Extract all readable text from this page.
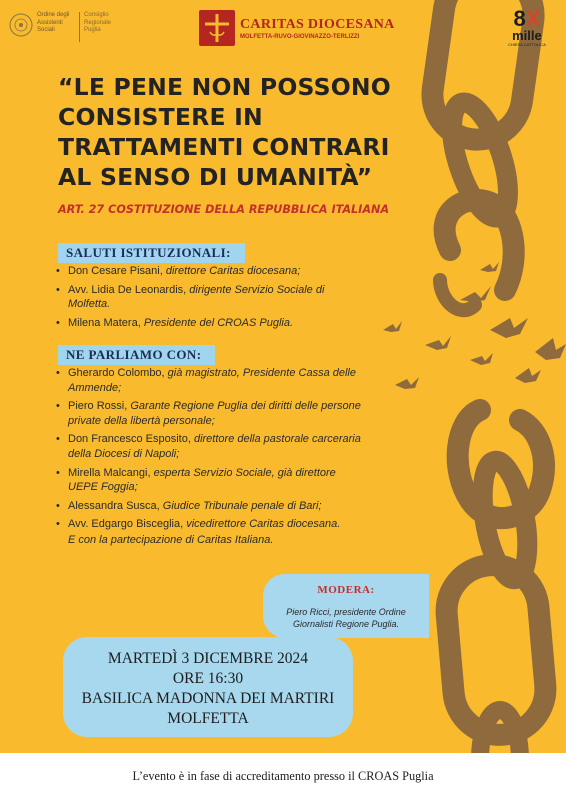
Ordine degli Assistenti Sociali
Consiglio Regionale Puglia	CARITAS DIOCESANA
MOLFETTA-RUVO-GIOVINAZZO-TERLIZZI
8X
mille
CHIESA CATTOLICA
“LE PENE NON POSSONO
CONSISTERE IN
TRATTAMENTI CONTRARI
AL SENSO DI UMANITÀ”
ART. 27 COSTITUZIONE DELLA REPUBBLICA ITALIANA
SALUTI ISTITUZIONALI:
• Don Cesare Pisani, direttore Caritas diocesana;
• Avv. Lidia De Leonardis, dirigente Servizio Sociale di Molfetta.
• Milena Matera, Presidente del CROAS Puglia.
NE PARLIAMO CON:
• Gherardo Colombo, già magistrato, Presidente Cassa delle Ammende;
• Piero Rossi, Garante Regione Puglia dei diritti delle persone private della libertà personale;
• Don Francesco Esposito, direttore della pastorale carceraria della Diocesi di Napoli;
• Mirella Malcangi, esperta Servizio Sociale, già direttore UEPE Foggia;
• Alessandra Susca, Giudice Tribunale penale di Bari;
• Avv. Edgargo Bisceglia, vicedirettore Caritas diocesana.
E con la partecipazione di Caritas Italiana.
MODERA:
Piero Ricci, presidente Ordine
Giornalisti Regione Puglia.
MARTEDÌ 3 DICEMBRE 2024
ORE 16:30
BASILICA MADONNA DEI MARTIRI
MOLFETTA
L’evento è in fase di accreditamento presso il CROAS Puglia
